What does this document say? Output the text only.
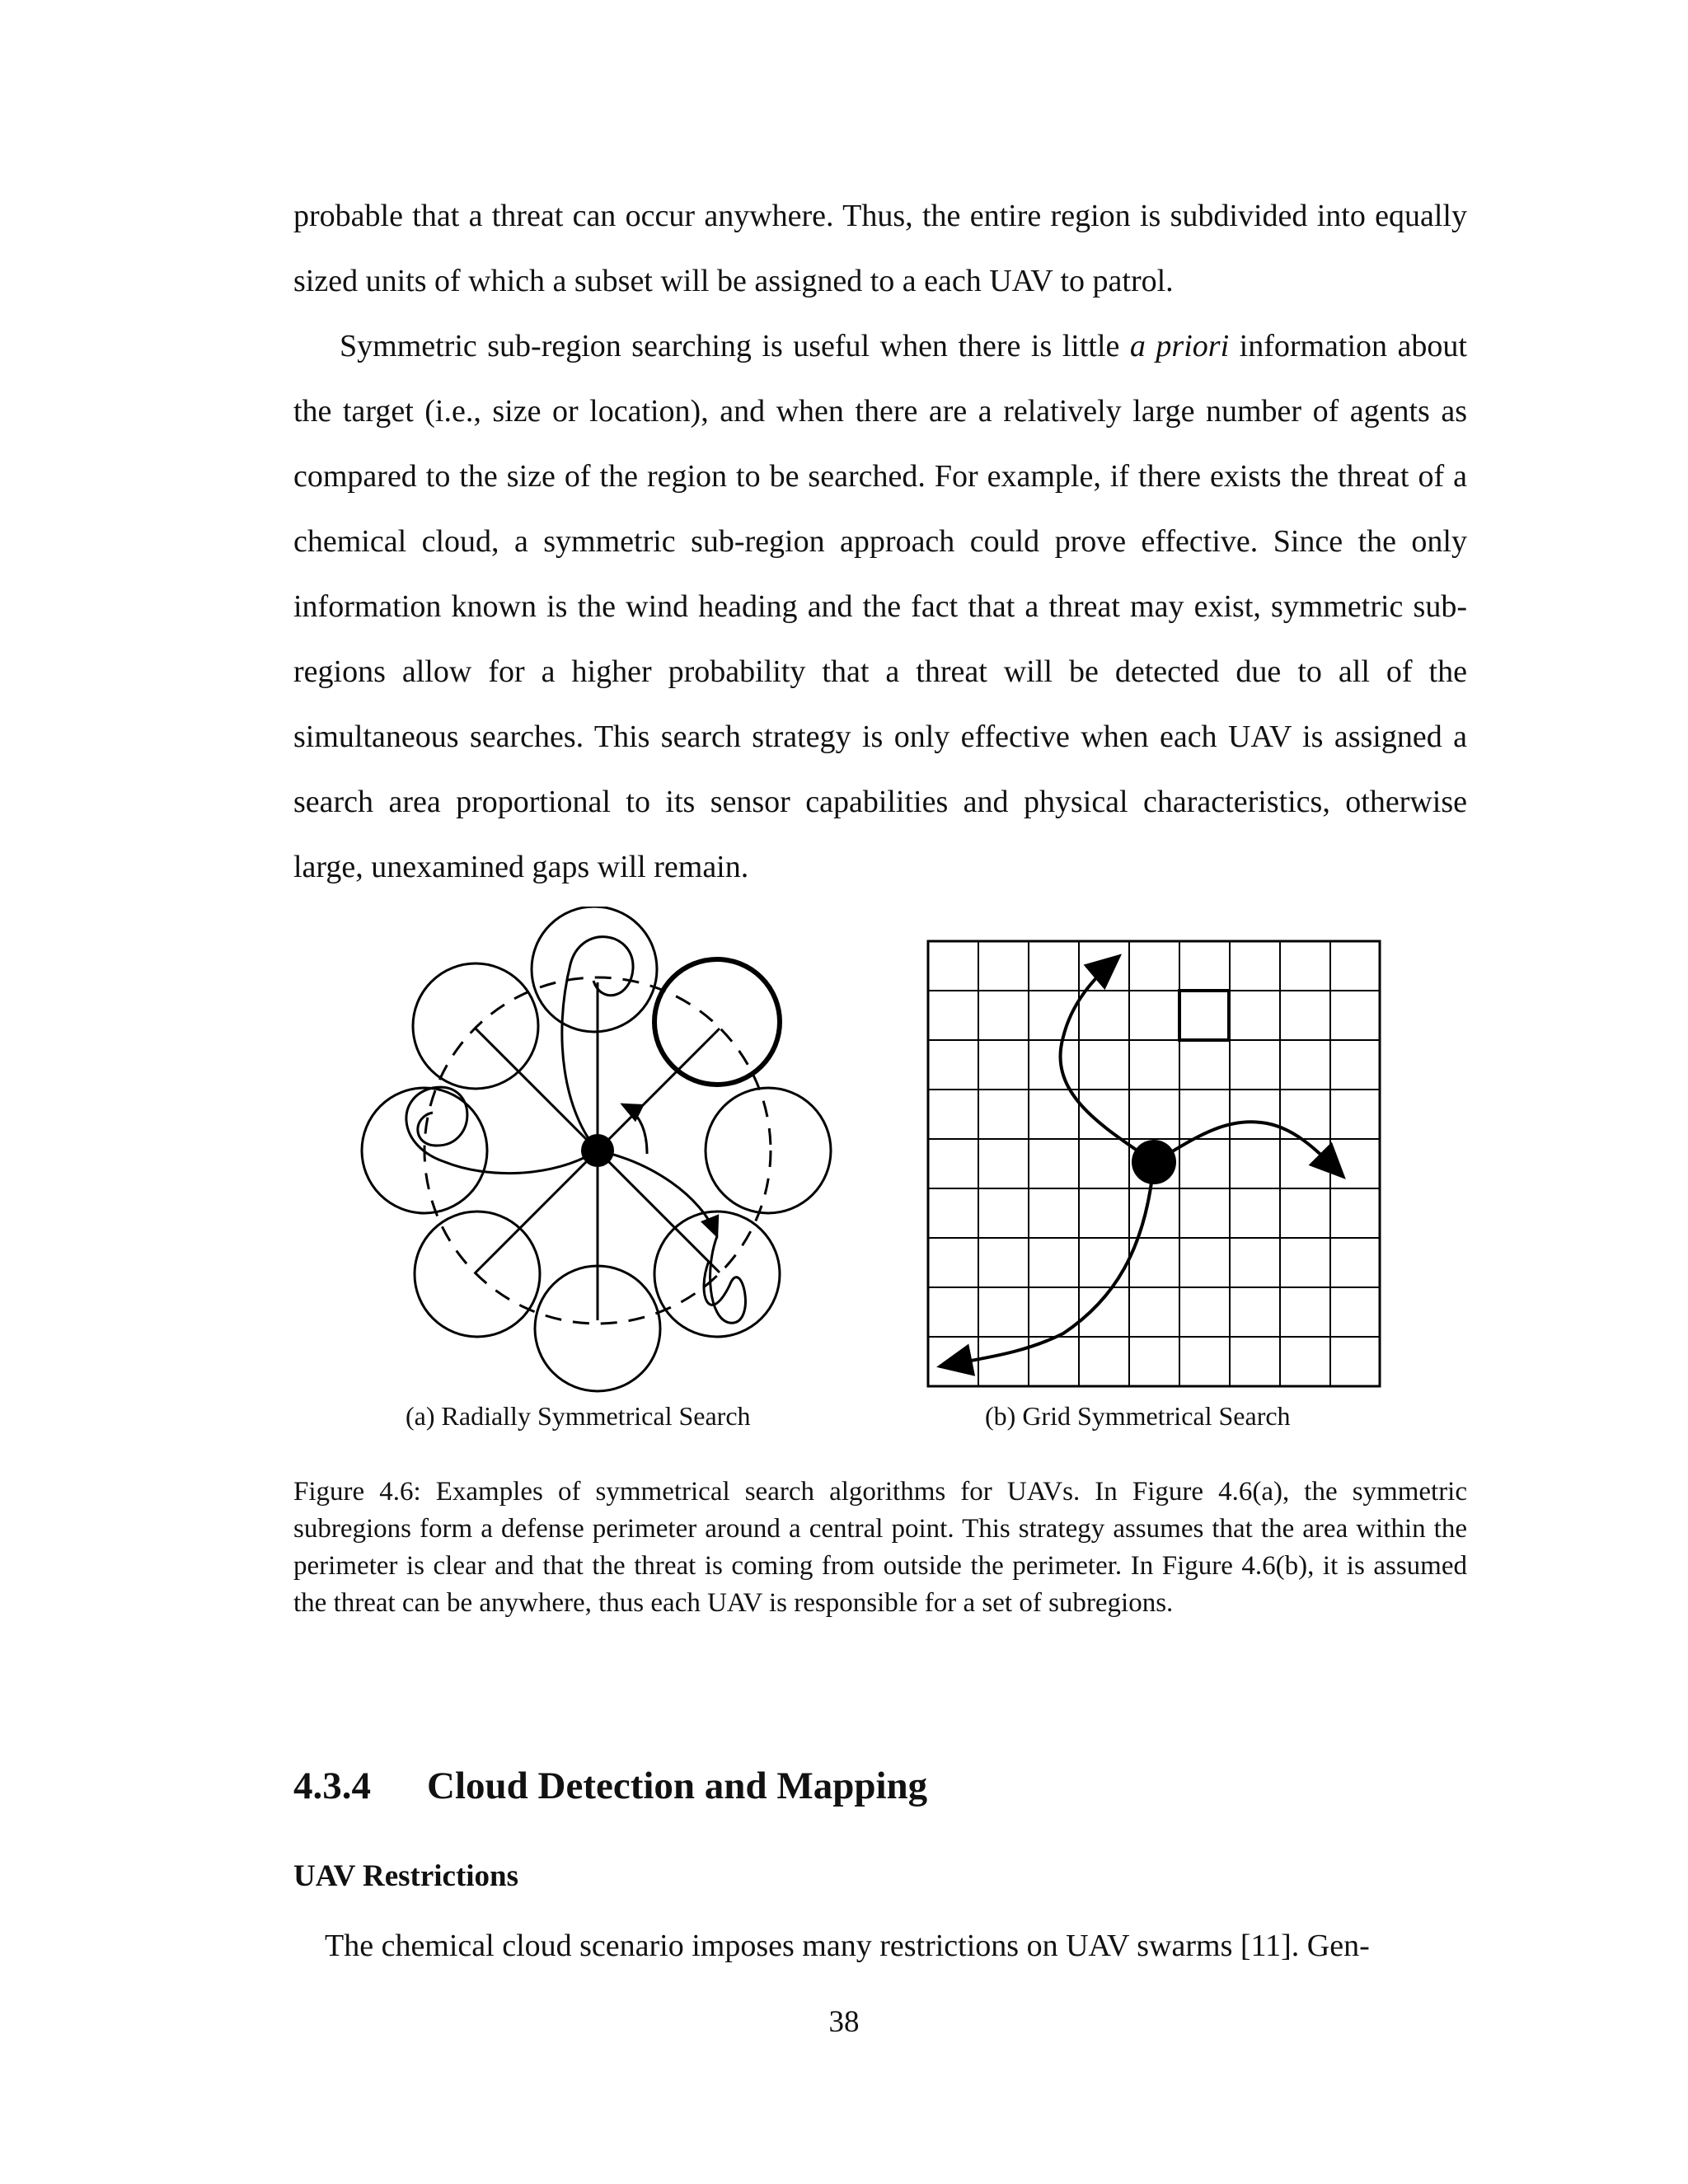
probable that a threat can occur anywhere. Thus, the entire region is subdivided into equally sized units of which a subset will be assigned to a each UAV to patrol.

Symmetric sub-region searching is useful when there is little a priori information about the target (i.e., size or location), and when there are a relatively large number of agents as compared to the size of the region to be searched. For example, if there exists the threat of a chemical cloud, a symmetric sub-region approach could prove effective. Since the only information known is the wind heading and the fact that a threat may exist, symmetric sub-regions allow for a higher probability that a threat will be detected due to all of the simultaneous searches. This search strategy is only effective when each UAV is assigned a search area proportional to its sensor capabilities and physical characteristics, otherwise large, unexamined gaps will remain.

(a) Radially Symmetrical Search	(b) Grid Symmetrical Search

Figure 4.6: Examples of symmetrical search algorithms for UAVs. In Figure 4.6(a), the symmetric subregions form a defense perimeter around a central point. This strategy assumes that the area within the perimeter is clear and that the threat is coming from outside the perimeter. In Figure 4.6(b), it is assumed the threat can be anywhere, thus each UAV is responsible for a set of subregions.

4.3.4 Cloud Detection and Mapping
UAV Restrictions

The chemical cloud scenario imposes many restrictions on UAV swarms [11]. Gen-

38
